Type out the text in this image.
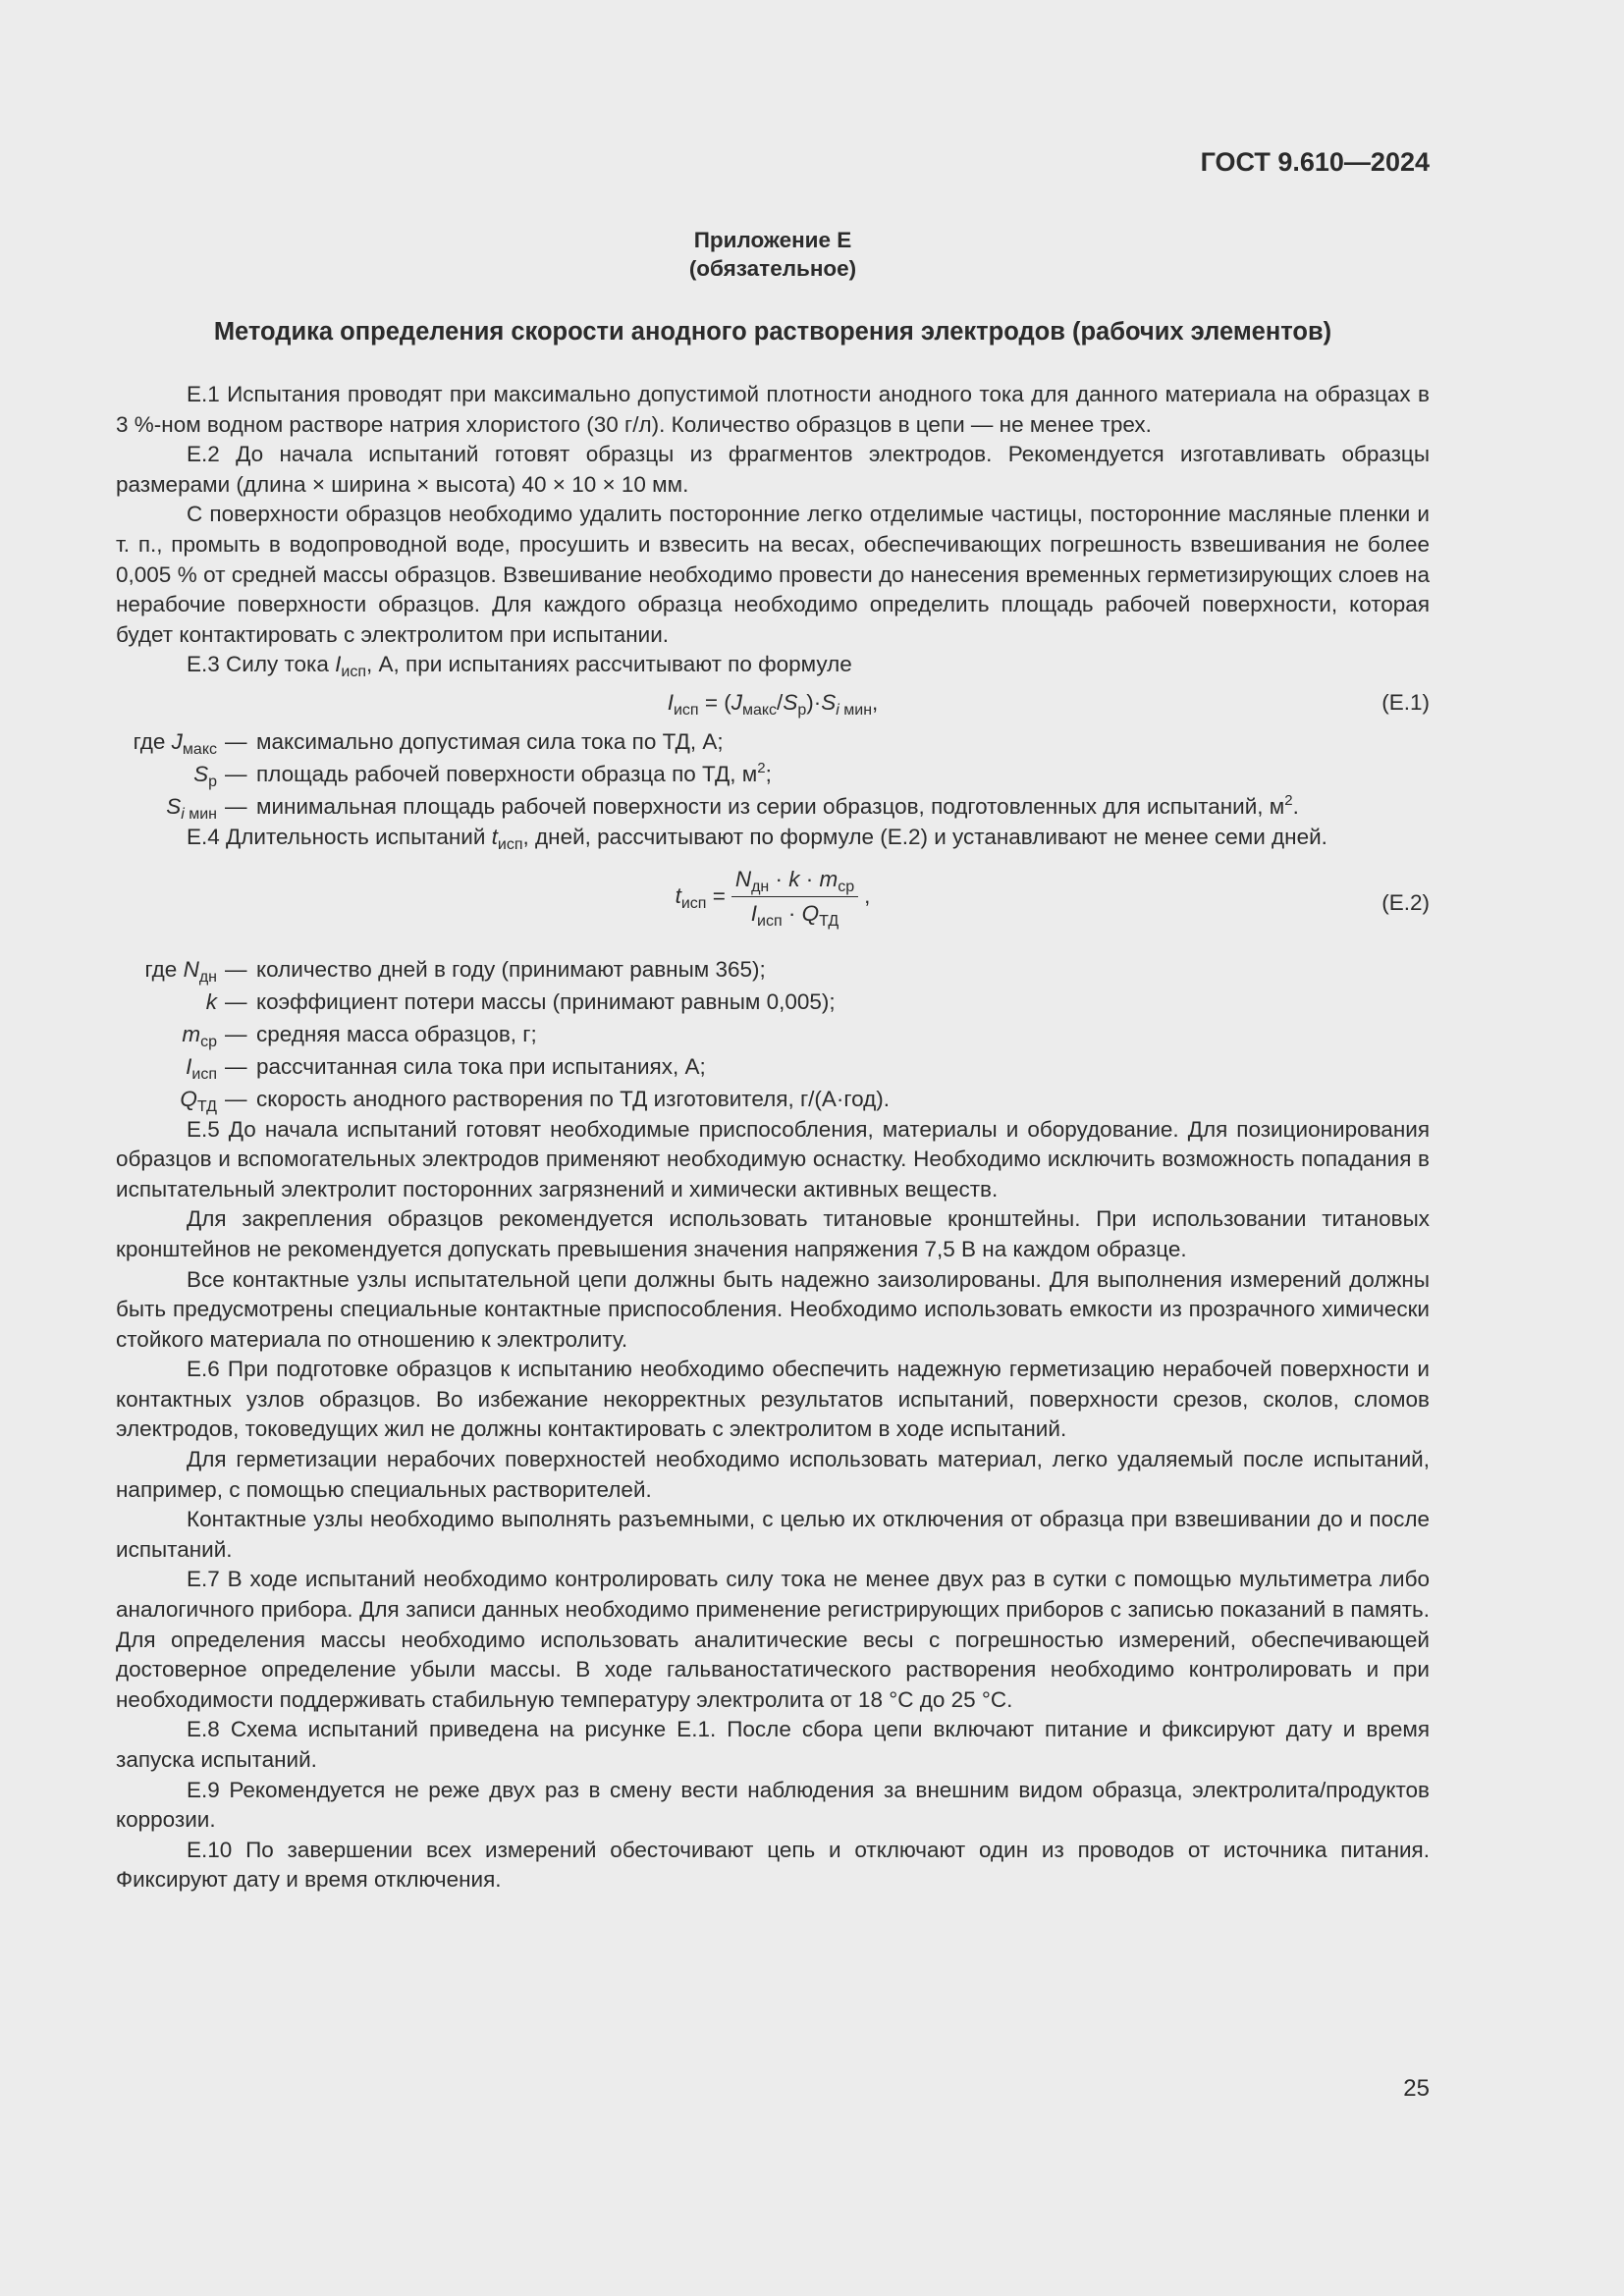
ГОСТ 9.610—2024
Приложение Е
(обязательное)
Методика определения скорости анодного растворения электродов (рабочих элементов)

Е.1 Испытания проводят при максимально допустимой плотности анодного тока для данного материала на образцах в 3 %-ном водном растворе натрия хлористого (30 г/л). Количество образцов в цепи — не менее трех.

Е.2 До начала испытаний готовят образцы из фрагментов электродов. Рекомендуется изготавливать образцы размерами (длина × ширина × высота) 40 × 10 × 10 мм.

С поверхности образцов необходимо удалить посторонние легко отделимые частицы, посторонние масляные пленки и т. п., промыть в водопроводной воде, просушить и взвесить на весах, обеспечивающих погрешность взвешивания не более 0,005 % от средней массы образцов. Взвешивание необходимо провести до нанесения временных герметизирующих слоев на нерабочие поверхности образцов. Для каждого образца необходимо определить площадь рабочей поверхности, которая будет контактировать с электролитом при испытании.

Е.3 Силу тока $I_{исп}$, А, при испытаниях рассчитывают по формуле

$I_{исп} = (J_{макс}/S_р)\cdot S_{i мин}$,	(Е.1)
где $J_{макс}$ — максимально допустимая сила тока по ТД, А;
$S_р$ — площадь рабочей поверхности образца по ТД, $м^2$;
$S_{i мин}$ — минимальная площадь рабочей поверхности из серии образцов, подготовленных для испытаний, $м^2$.

Е.4 Длительность испытаний $t_{исп}$, дней, рассчитывают по формуле (Е.2) и устанавливают не менее семи дней.

$t_{исп} = \frac{N_{дн} \cdot k \cdot m_{ср}}{I_{исп} \cdot Q_{ТД}}$ ,	(Е.2)
где $N_{дн}$ — количество дней в году (принимают равным 365);
k — коэффициент потери массы (принимают равным 0,005);
$m_{ср}$ — средняя масса образцов, г;
$I_{исп}$ — рассчитанная сила тока при испытаниях, А;
$Q_{ТД}$ — скорость анодного растворения по ТД изготовителя, г/(А·год).

Е.5 До начала испытаний готовят необходимые приспособления, материалы и оборудование. Для позиционирования образцов и вспомогательных электродов применяют необходимую оснастку. Необходимо исключить возможность попадания в испытательный электролит посторонних загрязнений и химически активных веществ.

Для закрепления образцов рекомендуется использовать титановые кронштейны. При использовании титановых кронштейнов не рекомендуется допускать превышения значения напряжения 7,5 В на каждом образце.

Все контактные узлы испытательной цепи должны быть надежно заизолированы. Для выполнения измерений должны быть предусмотрены специальные контактные приспособления. Необходимо использовать емкости из прозрачного химически стойкого материала по отношению к электролиту.

Е.6 При подготовке образцов к испытанию необходимо обеспечить надежную герметизацию нерабочей поверхности и контактных узлов образцов. Во избежание некорректных результатов испытаний, поверхности срезов, сколов, сломов электродов, токоведущих жил не должны контактировать с электролитом в ходе испытаний.

Для герметизации нерабочих поверхностей необходимо использовать материал, легко удаляемый после испытаний, например, с помощью специальных растворителей.

Контактные узлы необходимо выполнять разъемными, с целью их отключения от образца при взвешивании до и после испытаний.

Е.7 В ходе испытаний необходимо контролировать силу тока не менее двух раз в сутки с помощью мультиметра либо аналогичного прибора. Для записи данных необходимо применение регистрирующих приборов с записью показаний в память. Для определения массы необходимо использовать аналитические весы с погрешностью измерений, обеспечивающей достоверное определение убыли массы. В ходе гальваностатического растворения необходимо контролировать и при необходимости поддерживать стабильную температуру электролита от 18 °С до 25 °С.

Е.8 Схема испытаний приведена на рисунке Е.1. После сбора цепи включают питание и фиксируют дату и время запуска испытаний.

Е.9 Рекомендуется не реже двух раз в смену вести наблюдения за внешним видом образца, электролита/продуктов коррозии.

Е.10 По завершении всех измерений обесточивают цепь и отключают один из проводов от источника питания. Фиксируют дату и время отключения.

25
